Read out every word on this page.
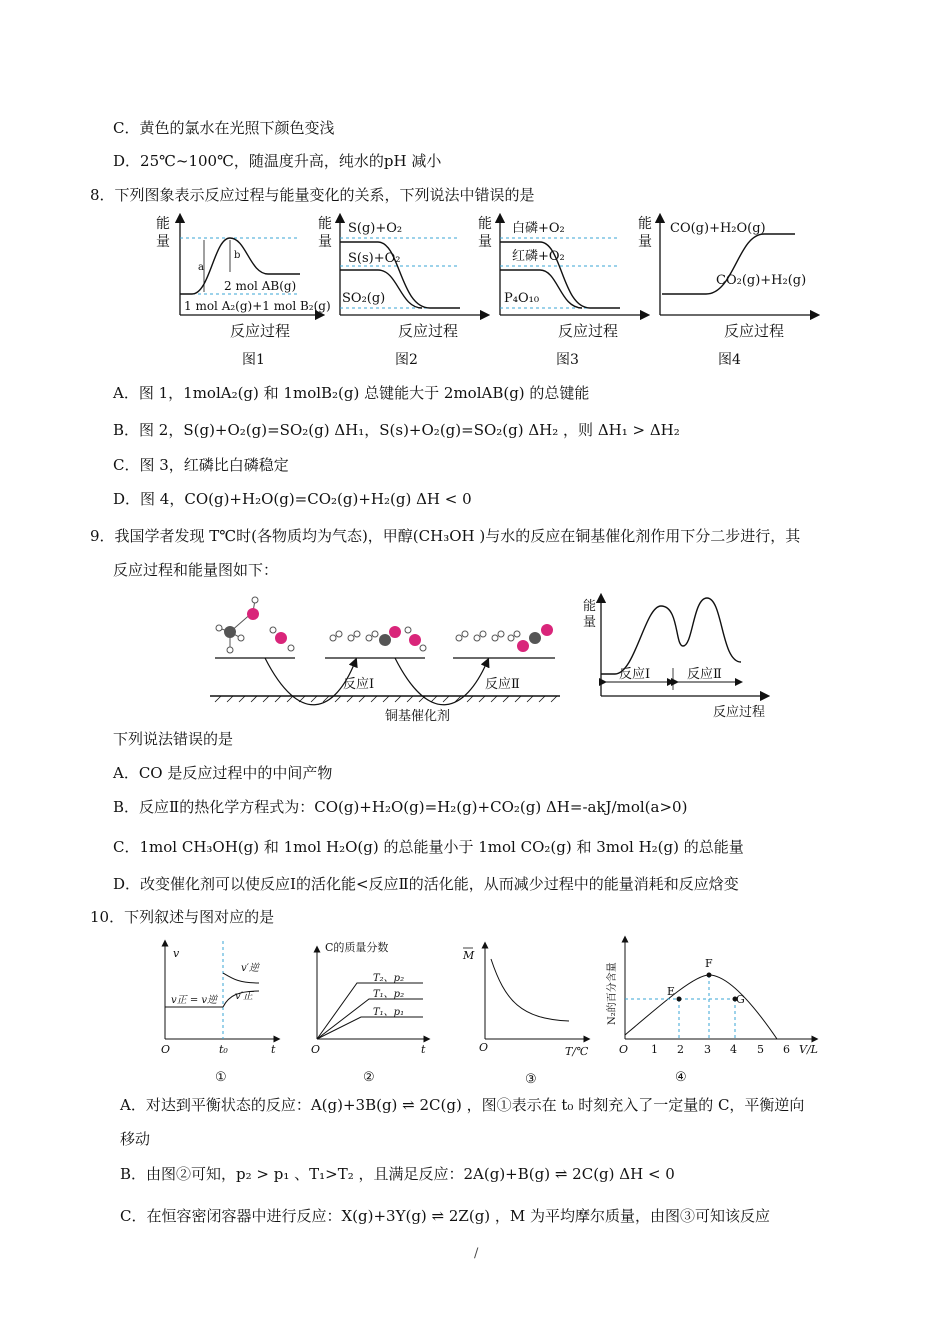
C．黄色的氯水在光照下颜色变浅
D．25℃~100℃，随温度升高，纯水的pH 减小
8．下列图象表示反应过程与能量变化的关系，下列说法中错误的是
能
量
a
b
2 mol AB(g)
1 mol A₂(g)+1 mol B₂(g)
反应过程
图1
能
量
S(g)+O₂
S(s)+O₂
SO₂(g)
反应过程
图2
能
量
白磷+O₂
红磷+O₂
P₄O₁₀
反应过程
图3
能
量
CO(g)+H₂O(g)
CO₂(g)+H₂(g)
反应过程
图4
A．图 1，1molA₂(g) 和 1molB₂(g) 总键能大于 2molAB(g) 的总键能
B．图 2，S(g)+O₂(g)=SO₂(g) ΔH₁，S(s)+O₂(g)=SO₂(g) ΔH₂ ，则 ΔH₁ > ΔH₂
C．图 3，红磷比白磷稳定
D．图 4，CO(g)+H₂O(g)=CO₂(g)+H₂(g) ΔH < 0
9．我国学者发现 T℃时(各物质均为气态)，甲醇(CH₃OH )与水的反应在铜基催化剂作用下分二步进行，其
反应过程和能量图如下：
反应Ⅰ	反应Ⅱ
铜基催化剂
能
量
反应Ⅰ	反应Ⅱ
反应过程
下列说法错误的是
A．CO 是反应过程中的中间产物
B．反应Ⅱ的热化学方程式为：CO(g)+H₂O(g)=H₂(g)+CO₂(g) ΔH=-akJ/mol(a>0)
C．1mol CH₃OH(g) 和 1mol H₂O(g) 的总能量小于 1mol CO₂(g) 和 3mol H₂(g) 的总能量
D．改变催化剂可以使反应Ⅰ的活化能<反应Ⅱ的活化能，从而减少过程中的能量消耗和反应焓变
10．下列叙述与图对应的是
v
v正 = v逆
v′逆
v′正
O	t₀	t
①
C的质量分数
T₂、p₂
T₁、p₂
T₁、p₁
O	t
②
M
O	T/℃
③
N₂的百分含量	E
F
G
O 1 2 3 4 5 6 V/L
④
A．对达到平衡状态的反应：A(g)+3B(g) ⇌ 2C(g) ，图①表示在 t₀ 时刻充入了一定量的 C，平衡逆向
移动
B．由图②可知，p₂ > p₁ 、T₁>T₂ ，且满足反应：2A(g)+B(g) ⇌ 2C(g) ΔH < 0
C．在恒容密闭容器中进行反应：X(g)+3Y(g) ⇌ 2Z(g) ，M 为平均摩尔质量，由图③可知该反应
/
